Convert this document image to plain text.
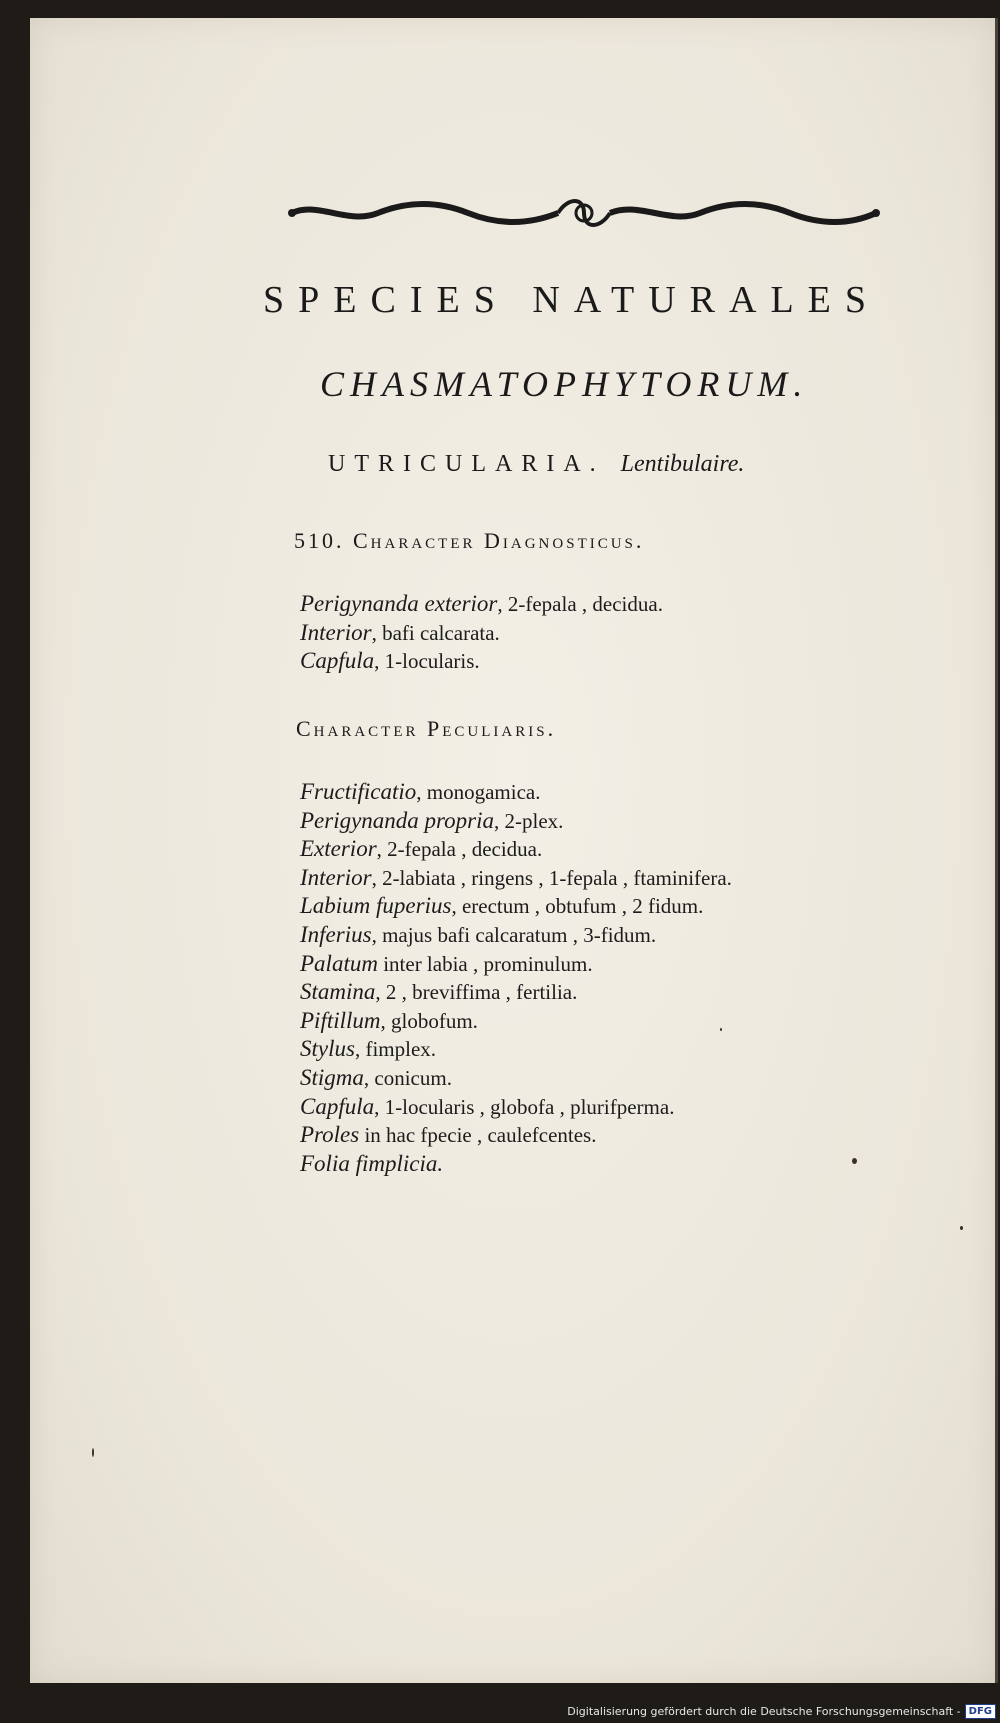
SPECIES NATURALES
CHASMATOPHYTORUM.
UTRICULARIA. Lentibulaire.
510. Character Diagnosticus.
Perigynanda exterior, 2-fepala , decidua.
Interior, bafi calcarata.
Capfula, 1-locularis.
Character Peculiaris.
Fructificatio, monogamica.
Perigynanda propria, 2-plex.
Exterior, 2-fepala , decidua.
Interior, 2-labiata , ringens , 1-fepala , ftaminifera.
Labium fuperius, erectum , obtufum , 2 fidum.
Inferius, majus bafi calcaratum , 3-fidum.
Palatum inter labia , prominulum.
Stamina, 2 , breviffima , fertilia.
Piftillum, globofum.
Stylus, fimplex.
Stigma, conicum.
Capfula, 1-locularis , globofa , plurifperma.
Proles in hac fpecie , caulefcentes.
Folia fimplicia.
Digitalisierung gefördert durch die Deutsche Forschungsgemeinschaft - DFG
